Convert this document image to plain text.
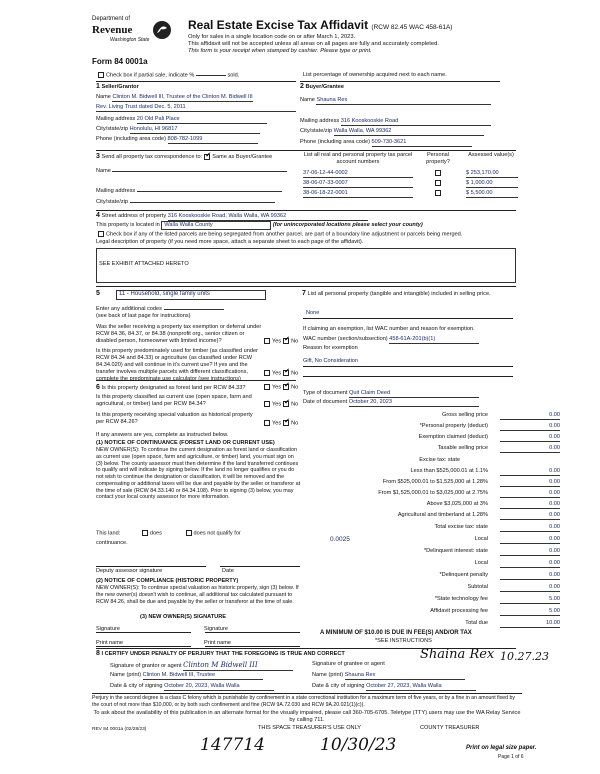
Department of
Revenue
Washington State
Form 84 0001a
Real Estate Excise Tax Affidavit (RCW 82.45 WAC 458-61A)
Only for sales in a single location code on or after March 1, 2023.
This affidavit will not be accepted unless all areas on all pages are fully and accurately completed.
This form is your receipt when stamped by cashier. Please type or print.
Check box if partial sale, indicate %	sold.	List percentage of ownership acquired next to each name.
1 Seller/Grantor
Name Clinton M. Bidwell III, Trustee of the Clinton M. Bidwell III
Rev. Living Trust dated Dec. 5, 2011
Mailing address 20 Old Pali Place
City/state/zip Honolulu, HI 96817
Phone (including area code) 808-782-1099
2 Buyer/Grantee
Name Shauna Rex
Mailing address 316 Kooskooskie Road
City/state/zip Walla Walla, WA 99362
Phone (including area code) 509-730-3621
3 Send all property tax correspondence to: ✔ Same as Buyer/Grantee
Name
Mailing address
City/state/zip
List all real and personal property tax parcel account numbers
Personal property?
Assessed value(s)
37-06-12-44-0002	$ 253,170.00
38-06-07-33-0007	$ 1,000.00
38-06-18-22-0001	$ 5,500.00
4 Street address of property 316 Kooskooskie Road, Walla Walla, WA 99362
This property is located in Walla Walla County	(for unincorporated locations please select your county)
Check box if any of the listed parcels are being segregated from another parcel, are part of a boundary line adjustment or parcels being merged.
Legal description of property (if you need more space, attach a separate sheet to each page of the affidavit).
SEE EXHIBIT ATTACHED HERETO
5	11 - Household, single family units
Enter any additional codes
(see back of last page for instructions)
Was the seller receiving a property tax exemption or deferral under RCW 84.36, 84.37, or 84.38 (nonprofit org., senior citizen or disabled person, homeowner with limited income)?	Yes ✔ No
Is this property predominately used for timber (as classified under RCW 84.34 and 84.33) or agriculture (as classified under RCW 84.34.020) and will continue in it's current use? If yes and the transfer involves multiple parcels with different classifications, complete the predominate use calculator (see instructions)
Yes ✔ No
6 Is this property designated as forest land per RCW 84.33?	Yes ✔ No
Is this property classified as current use (open space, farm and agricultural, or timber) land per RCW 84.34?	Yes ✔ No
Is this property receiving special valuation as historical property per RCW 84.26?	Yes ✔ No
If any answers are yes, complete as instructed below.
(1) NOTICE OF CONTINUANCE (FOREST LAND OR CURRENT USE)
NEW OWNER(S): To continue the current designation as forest land or classification as current use (open space, farm and agriculture, or timber) land, you must sign on (3) below. The county assessor must then determine if the land transferred continues to qualify and will indicate by signing below. If the land no longer qualifies or you do not wish to continue the designation or classification, it will be removed and the compensating or additional taxes will be due and payable by the seller or transferor at the time of sale (RCW 84.33.140 or 84.34.108). Prior to signing (3) below, you may contact your local county assessor for more information.
This land:	does	does not qualify for
continuance.
Deputy assessor signature	Date
(2) NOTICE OF COMPLIANCE (HISTORIC PROPERTY)
NEW OWNER(S): To continue special valuation as historic property, sign (3) below. If the new owner(s) doesn't wish to continue, all additional tax calculated pursuant to RCW 84.26, shall be due and payable by the seller or transferor at the time of sale.
(3) NEW OWNER(S) SIGNATURE
Signature	Signature
Print name	Print name
7 List all personal property (tangible and intangible) included in selling price.
None
If claiming an exemption, list WAC number and reason for exemption.
WAC number (section/subsection) 458-61A-201(b)(1)
Reason for exemption
Gift, No Consideration
Type of document Quit Claim Deed
Date of document October 20, 2023
Gross selling price	0.00
*Personal property (deduct)	0.00
Exemption claimed (deduct)	0.00
Taxable selling price	0.00
Excise tax: state
Less than $525,000.01 at 1.1%	0.00
From $525,000.01 to $1,525,000 at 1.28%	0.00
From $1,525,000.01 to $3,025,000 at 2.75%	0.00
Above $3,025,000 at 3%	0.00
Agricultural and timberland at 1.28%	0.00
Total excise tax: state	0.00
0.0025	Local	0.00
*Delinquent interest: state	0.00
Local	0.00
*Delinquent penalty	0.00
Subtotal	0.00
*State technology fee	5.00
Affidavit processing fee	5.00
Total due	10.00
A MINIMUM OF $10.00 IS DUE IN FEE(S) AND/OR TAX
*SEE INSTRUCTIONS
8 I CERTIFY UNDER PENALTY OF PERJURY THAT THE FOREGOING IS TRUE AND CORRECT
Signature of grantor or agent Clinton M Bidwell III	Signature of grantee or agent
Shaina Rex 10.27.23
Name (print) Clinton M. Bidwell III, Trustee	Name (print) Shauna Rex
Date & city of signing October 20, 2023, Walla Walla	Date & city of signing October 27, 2023, Walla Walla
Perjury in the second degree is a class C felony which is punishable by confinement in a state correctional institution for a maximum term of five years, or by a fine in an amount fixed by the court of not more than $10,000, or by both such confinement and fine (RCW 9A.72.030 and RCW 9A.20.021(1)(c)).
To ask about the availability of this publication in an alternate format for the visually impaired, please call 360-705-6705. Teletype (TTY) users may use the WA Relay Service by calling 711.
REV 84 0001a (02/28/23)	THIS SPACE TREASURER'S USE ONLY	COUNTY TREASURER
147714	10/30/23	Print on legal size paper.
Page 1 of 6
